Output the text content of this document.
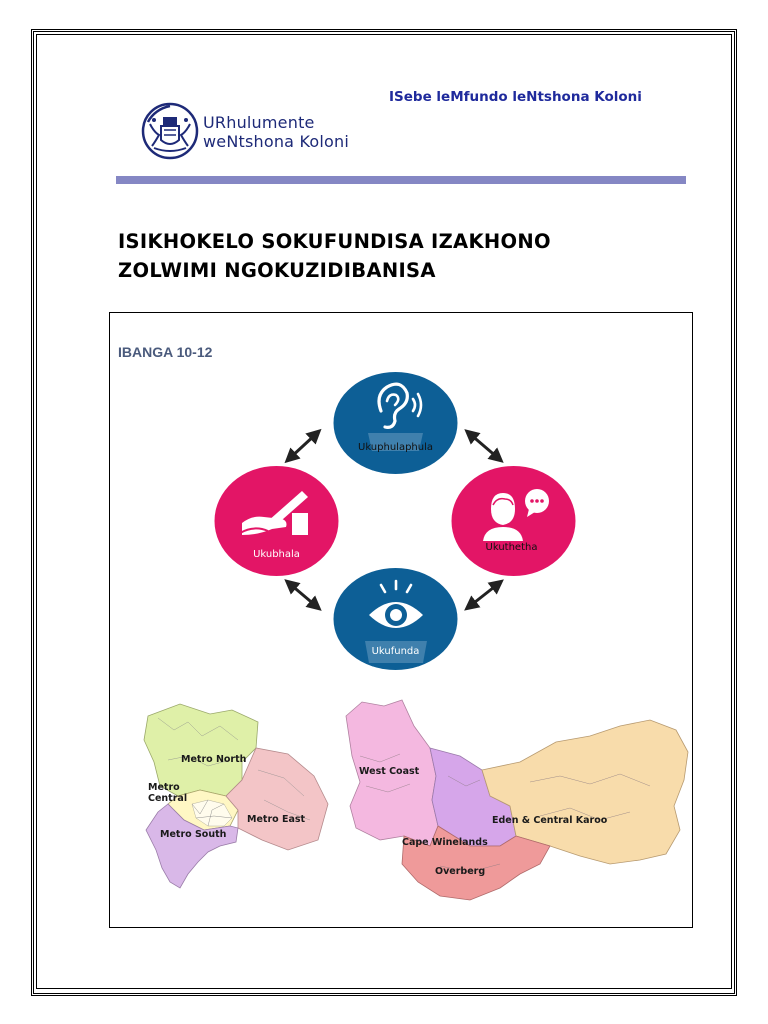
URhulumente
weNtshona Koloni
ISebe leMfundo leNtshona Koloni
ISIKHOKELO SOKUFUNDISA IZAKHONO
ZOLWIMI NGOKUZIDIBANISA
IBANGA 10-12
Ukuphulaphula
Ukubhala
Ukuthetha
Ukufunda
Metro North
Metro
Central
Metro East
Metro South
West Coast
Eden & Central Karoo
Cape Winelands
Overberg
